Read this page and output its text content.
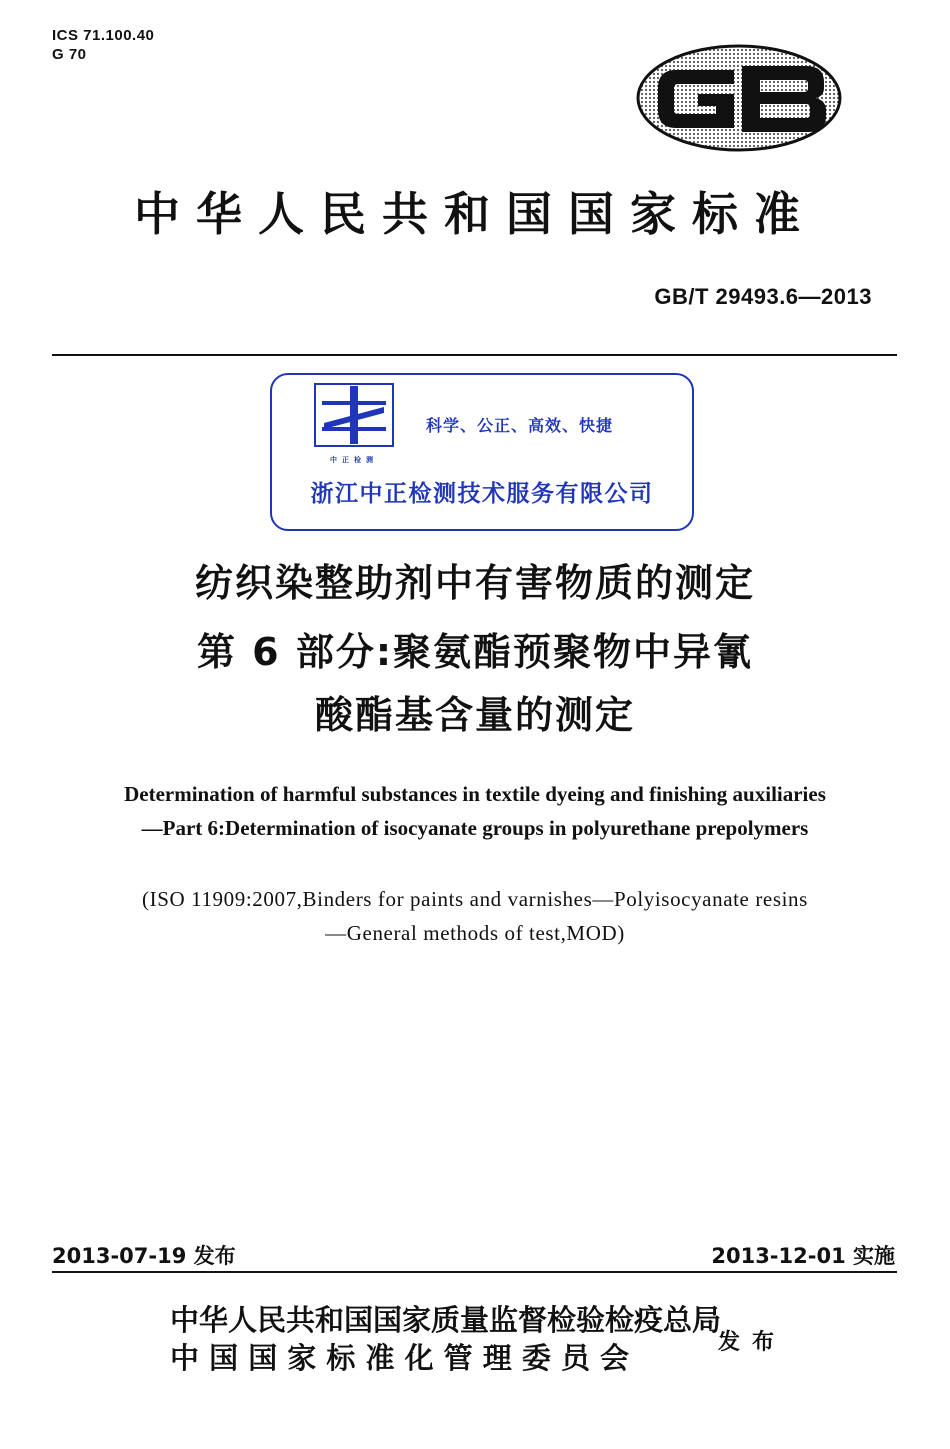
ICS 71.100.40
G 70
GB
中华人民共和国国家标准
GB/T 29493.6—2013
中正检测
科学、公正、高效、快捷
浙江中正检测技术服务有限公司
纺织染整助剂中有害物质的测定
第 6 部分:聚氨酯预聚物中异氰
酸酯基含量的测定
Determination of harmful substances in textile dyeing and finishing auxiliaries
—Part 6:Determination of isocyanate groups in polyurethane prepolymers
(ISO 11909:2007,Binders for paints and varnishes—Polyisocyanate resins
—General methods of test,MOD)
2013-07-19 发布	2013-12-01 实施
中华人民共和国国家质量监督检验检疫总局
中 国 国 家 标 准 化 管 理 委 员 会	发布
